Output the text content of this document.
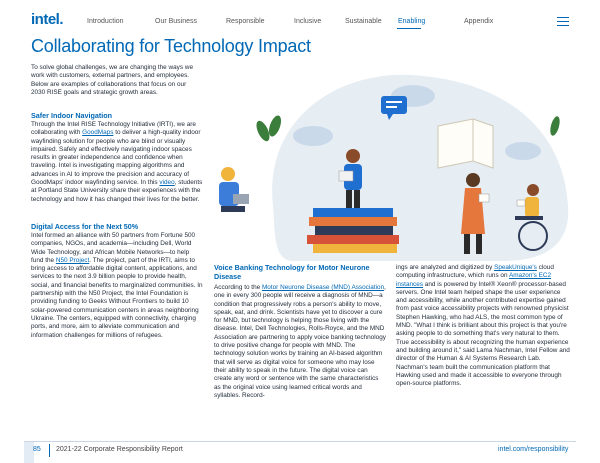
intel.	Introduction	Our Business	Responsible	Inclusive	Sustainable Enabling	Appendix
Collaborating for Technology Impact

To solve global challenges, we are changing the ways we work with customers, external partners, and employees. Below are examples of collaborations that focus on our 2030 RISE goals and strategic growth areas.

Safer Indoor Navigation

Through the Intel RISE Technology Initiative (IRTI), we are collaborating with GoodMaps to deliver a high-quality indoor wayfinding solution for people who are blind or visually impaired. Safely and effectively navigating indoor spaces results in greater independence and confidence when traveling. Intel is investigating mapping algorithms and advances in AI to improve the precision and accuracy of GoodMaps' indoor wayfinding service. In this video, students at Portland State University share their experiences with the technology and how it has changed their lives for the better.

Digital Access for the Next 50%

Intel formed an alliance with 50 partners from Fortune 500 companies, NGOs, and academia—including Dell, World Wide Technology, and African Mobile Networks—to help fund the N50 Project. The project, part of the IRTI, aims to bring access to affordable digital content, applications, and services to the next 3.9 billion people to provide health, social, and financial benefits to marginalized communities. In partnership with the N50 Project, the Intel Foundation is providing funding to Geeks Without Frontiers to build 10 solar-powered communication centers in areas neighboring Ukraine. The centers, equipped with connectivity, charging ports, and more, aim to alleviate communication and information challenges for millions of refugees.

Voice Banking Technology for Motor Neurone Disease

According to the Motor Neurone Disease (MND) Association, one in every 300 people will receive a diagnosis of MND—a condition that progressively robs a person's ability to move, speak, eat, and drink. Scientists have yet to discover a cure for MND, but technology is helping those living with the disease. Intel, Dell Technologies, Rolls-Royce, and the MND Association are partnering to apply voice banking technology to drive positive change for people with MND. The technology solution works by training an AI-based algorithm that will serve as digital voice for someone who may lose their ability to speak in the future. The digital voice can create any word or sentence with the same characteristics as the original voice using learned critical words and syllables. Record-

ings are analyzed and digitized by SpeakUnique's cloud computing infrastructure, which runs on Amazon's EC2 instances and is powered by Intel® Xeon® processor-based servers. One Intel team helped shape the user experience and accessibility, while another contributed expertise gained from past voice accessibility projects with renowned physicist Stephen Hawking, who had ALS, the most common type of MND. "What I think is brilliant about this project is that you're asking people to do something that's very natural to them. True accessibility is about recognizing the human experience and building around it," said Lama Nachman, Intel Fellow and director of the Human & AI Systems Research Lab. Nachman's team built the communication platform that Hawking used and made it accessible to everyone through open-source platforms.

85 2021-22 Corporate Responsibility Report	intel.com/responsibility
